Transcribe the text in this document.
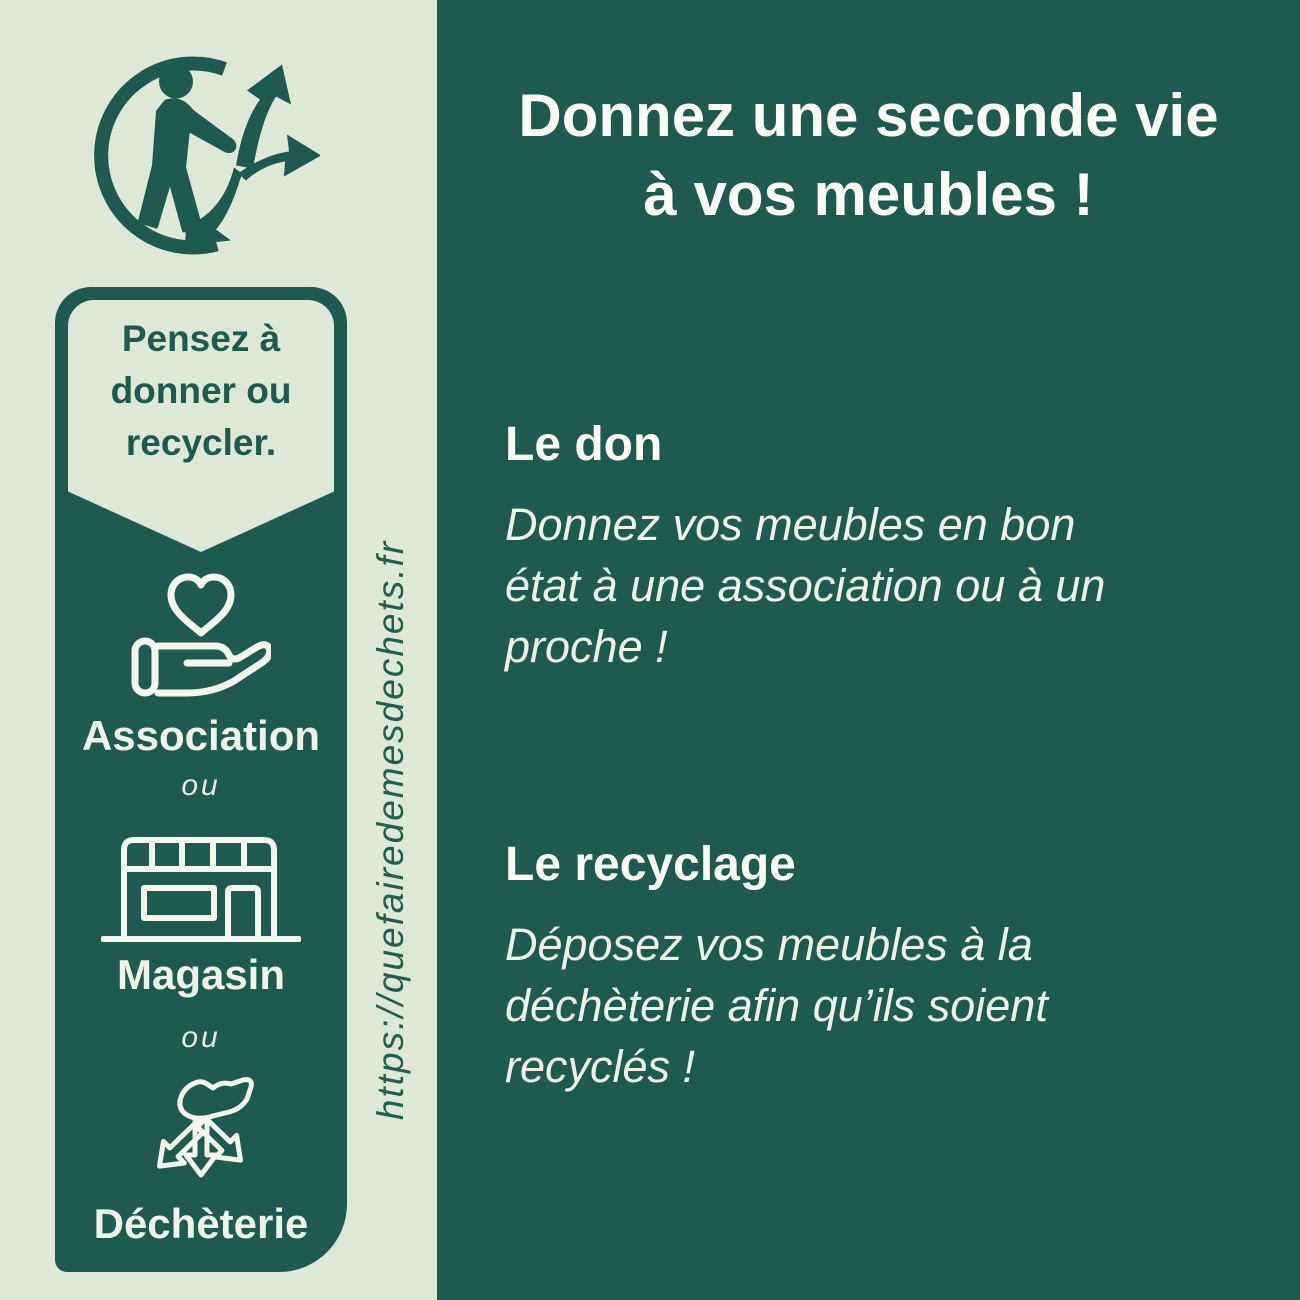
Donnez une seconde vie
à vos meubles !
Le don
Donnez vos meubles en bon
état à une association ou à un
proche !
Le recyclage
Déposez vos meubles à la
déchèterie afin qu’ils soient
recyclés !
Pensez à
donner ou
recycler.
Association
ou
Magasin
ou
Déchèterie
https://quefairedemesdechets.fr
